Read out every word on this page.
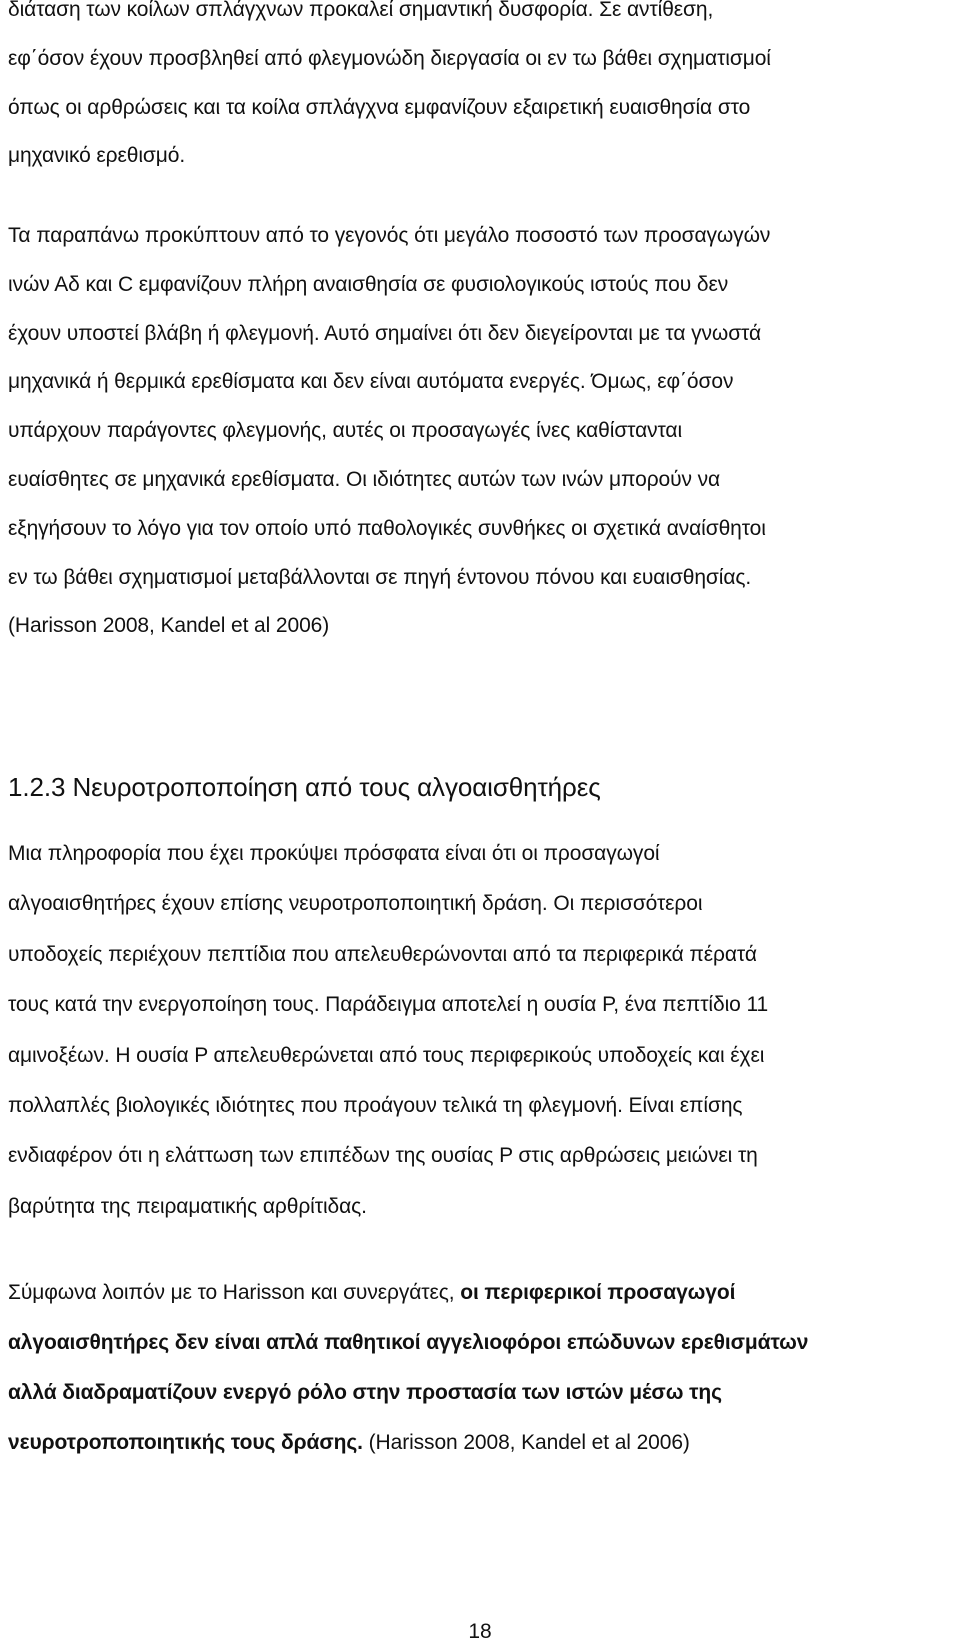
διάταση των κοίλων σπλάγχνων προκαλεί σημαντική δυσφορία. Σε αντίθεση,
εφ΄όσον έχουν προσβληθεί από φλεγμονώδη διεργασία οι εν τω βάθει σχηματισμοί
όπως οι αρθρώσεις και τα κοίλα σπλάγχνα εμφανίζουν εξαιρετική ευαισθησία στο
μηχανικό ερεθισμό.
Τα παραπάνω προκύπτουν από το γεγονός ότι μεγάλο ποσοστό των προσαγωγών
ινών Αδ και C εμφανίζουν πλήρη αναισθησία σε φυσιολογικούς ιστούς που δεν
έχουν υποστεί βλάβη ή φλεγμονή. Αυτό σημαίνει ότι δεν διεγείρονται με τα γνωστά
μηχανικά ή θερμικά ερεθίσματα και δεν είναι αυτόματα ενεργές. Όμως, εφ΄όσον
υπάρχουν παράγοντες φλεγμονής, αυτές οι προσαγωγές ίνες καθίστανται
ευαίσθητες σε μηχανικά ερεθίσματα. Οι ιδιότητες αυτών των ινών μπορούν να
εξηγήσουν το λόγο για τον οποίο υπό παθολογικές συνθήκες οι σχετικά αναίσθητοι
εν τω βάθει σχηματισμοί μεταβάλλονται σε πηγή έντονου πόνου και ευαισθησίας.
(Harisson 2008, Kandel et al 2006)
1.2.3 Νευροτροποποίηση από τους αλγοαισθητήρες
Μια πληροφορία που έχει προκύψει πρόσφατα είναι ότι οι προσαγωγοί
αλγοαισθητήρες έχουν επίσης νευροτροποποιητική δράση. Οι περισσότεροι
υποδοχείς περιέχουν πεπτίδια που απελευθερώνονται από τα περιφερικά πέρατά
τους κατά την ενεργοποίηση τους. Παράδειγμα αποτελεί η ουσία P, ένα πεπτίδιο 11
αμινοξέων. Η ουσία P απελευθερώνεται από τους περιφερικούς υποδοχείς και έχει
πολλαπλές βιολογικές ιδιότητες που προάγουν τελικά τη φλεγμονή. Είναι επίσης
ενδιαφέρον ότι η ελάττωση των επιπέδων της ουσίας P στις αρθρώσεις μειώνει τη
βαρύτητα της πειραματικής αρθρίτιδας.
Σύμφωνα λοιπόν με το Harisson και συνεργάτες, οι περιφερικοί προσαγωγοί
αλγοαισθητήρες δεν είναι απλά παθητικοί αγγελιοφόροι επώδυνων ερεθισμάτων
αλλά διαδραματίζουν ενεργό ρόλο στην προστασία των ιστών μέσω της
νευροτροποποιητικής τους δράσης. (Harisson 2008, Kandel et al 2006)
18
